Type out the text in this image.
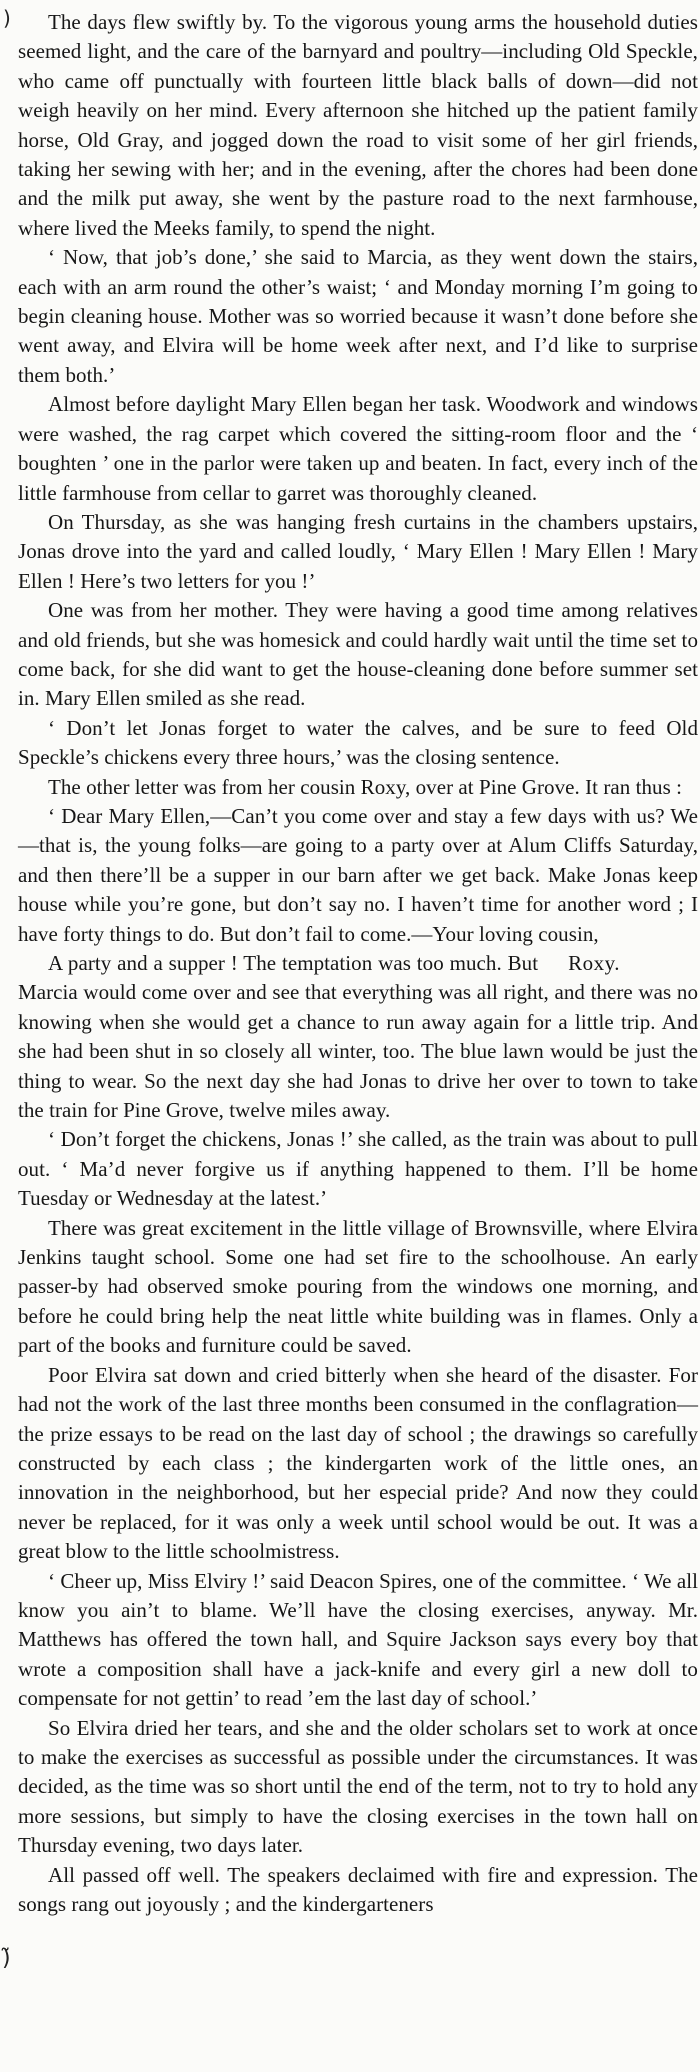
)
)̃

The days flew swiftly by. To the vigorous young arms the household duties seemed light, and the care of the barnyard and poultry—including Old Speckle, who came off punctually with fourteen little black balls of down—did not weigh heavily on her mind. Every afternoon she hitched up the patient family horse, Old Gray, and jogged down the road to visit some of her girl friends, taking her sewing with her; and in the evening, after the chores had been done and the milk put away, she went by the pasture road to the next farmhouse, where lived the Meeks family, to spend the night.

‘ Now, that job’s done,’ she said to Marcia, as they went down the stairs, each with an arm round the other’s waist; ‘ and Monday morning I’m going to begin cleaning house. Mother was so worried because it wasn’t done before she went away, and Elvira will be home week after next, and I’d like to surprise them both.’

Almost before daylight Mary Ellen began her task. Woodwork and windows were washed, the rag carpet which covered the sitting-room floor and the ‘ boughten ’ one in the parlor were taken up and beaten. In fact, every inch of the little farmhouse from cellar to garret was thoroughly cleaned.

On Thursday, as she was hanging fresh curtains in the chambers upstairs, Jonas drove into the yard and called loudly, ‘ Mary Ellen ! Mary Ellen ! Mary Ellen ! Here’s two letters for you !’

One was from her mother. They were having a good time among relatives and old friends, but she was homesick and could hardly wait until the time set to come back, for she did want to get the house-cleaning done before summer set in. Mary Ellen smiled as she read.

‘ Don’t let Jonas forget to water the calves, and be sure to feed Old Speckle’s chickens every three hours,’ was the closing sentence.

The other letter was from her cousin Roxy, over at Pine Grove. It ran thus :

‘ Dear Mary Ellen,—Can’t you come over and stay a few days with us? We—that is, the young folks—are going to a party over at Alum Cliffs Saturday, and then there’ll be a supper in our barn after we get back. Make Jonas keep house while you’re gone, but don’t say no. I haven’t time for another word ; I have forty things to do. But don’t fail to come.—Your loving cousin,
Roxy.

A party and a supper ! The temptation was too much. But Marcia would come over and see that everything was all right, and there was no knowing when she would get a chance to run away again for a little trip. And she had been shut in so closely all winter, too. The blue lawn would be just the thing to wear. So the next day she had Jonas to drive her over to town to take the train for Pine Grove, twelve miles away.

‘ Don’t forget the chickens, Jonas !’ she called, as the train was about to pull out. ‘ Ma’d never forgive us if anything happened to them. I’ll be home Tuesday or Wednesday at the latest.’

There was great excitement in the little village of Brownsville, where Elvira Jenkins taught school. Some one had set fire to the schoolhouse. An early passer-by had observed smoke pouring from the windows one morning, and before he could bring help the neat little white building was in flames. Only a part of the books and furniture could be saved.

Poor Elvira sat down and cried bitterly when she heard of the disaster. For had not the work of the last three months been consumed in the conflagration—the prize essays to be read on the last day of school ; the drawings so carefully constructed by each class ; the kindergarten work of the little ones, an innovation in the neighborhood, but her especial pride? And now they could never be replaced, for it was only a week until school would be out. It was a great blow to the little schoolmistress.

‘ Cheer up, Miss Elviry !’ said Deacon Spires, one of the committee. ‘ We all know you ain’t to blame. We’ll have the closing exercises, anyway. Mr. Matthews has offered the town hall, and Squire Jackson says every boy that wrote a composition shall have a jack-knife and every girl a new doll to compensate for not gettin’ to read ’em the last day of school.’

So Elvira dried her tears, and she and the older scholars set to work at once to make the exercises as successful as possible under the circumstances. It was decided, as the time was so short until the end of the term, not to try to hold any more sessions, but simply to have the closing exercises in the town hall on Thursday evening, two days later.

All passed off well. The speakers declaimed with fire and expression. The songs rang out joyously ; and the kindergarteners
